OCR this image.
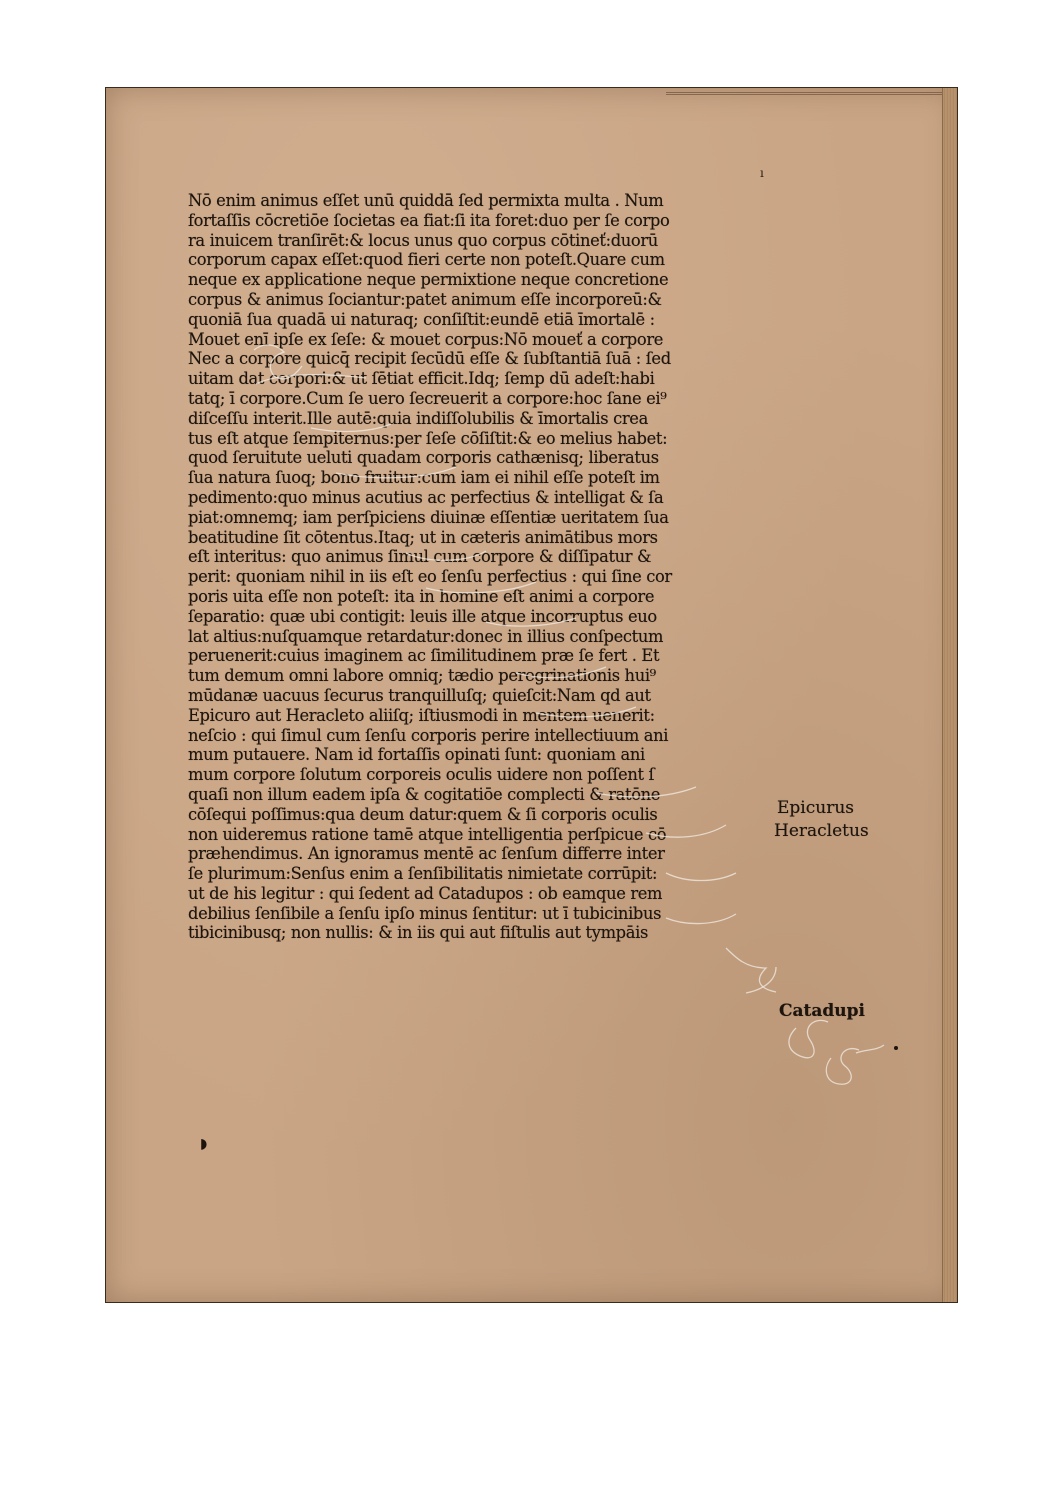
ı
Nō enim animus eſſet unū quiddā ſed permixta multa . Num
fortaſſis cōcretiōe ſocietas ea fiat:ſi ita foret:duo per ſe corpo
ra inuicem tranſirēt:& locus unus quo corpus cōtineť:duorū
corporum capax eſſet:quod fieri certe non poteſt.Quare cum
neque ex applicatione neque permixtione neque concretione
corpus & animus ſociantur:patet animum eſſe incorporeū:&
quoniā ſua quadā ui naturaq; conſiſtit:eundē etiā īmortalē :
Mouet enī ipſe ex ſeſe: & mouet corpus:Nō moueť a corpore
Nec a corpore quicq̄ recipit ſecūdū eſſe & ſubſtantiā ſuā : ſed
uitam dat corpori:& ut ſētiat efficit.Idq; ſemp dū adeſt:habi
tatq; ī corpore.Cum ſe uero ſecreuerit a corpore:hoc ſane ei⁹
diſceſſu interit.Ille autē:quia indiſſolubilis & īmortalis crea
tus eſt atque ſempiternus:per ſeſe cōſiſtit:& eo melius habet:
quod ſeruitute ueluti quadam corporis cathænisq; liberatus
ſua natura ſuoq; bono fruitur:cum iam ei nihil eſſe poteſt im
pedimento:quo minus acutius ac perfectius & intelligat & ſa
piat:omnemq; iam perſpiciens diuinæ eſſentiæ ueritatem ſua
beatitudine ſit cōtentus.Itaq; ut in cæteris animātibus mors
eſt interitus: quo animus ſimul cum corpore & diſſipatur &
perit: quoniam nihil in iis eſt eo ſenſu perfectius : qui ſine cor
poris uita eſſe non poteſt: ita in homine eſt animi a corpore
ſeparatio: quæ ubi contigit: leuis ille atque incorruptus euo
lat altius:nuſquamque retardatur:donec in illius conſpectum
peruenerit:cuius imaginem ac ſimilitudinem præ ſe fert . Et
tum demum omni labore omniq; tædio peregrinationis hui⁹
mūdanæ uacuus ſecurus tranquilluſq; quieſcit:Nam qd aut
Epicuro aut Heracleto aliiſq; iſtiusmodi in mentem uenerit:
neſcio : qui ſimul cum ſenſu corporis perire intellectiuum ani
mum putauere. Nam id fortaſſis opinati ſunt: quoniam ani
mum corpore ſolutum corporeis oculis uidere non poſſent ſ
quaſi non illum eadem ipſa & cogitatiōe complecti & ratōne
cōſequi poſſimus:qua deum datur:quem & ſi corporis oculis
non uideremus ratione tamē atque intelligentia perſpicue cō
præhendimus. An ignoramus mentē ac ſenſum differre inter
ſe plurimum:Senſus enim a ſenſibilitatis nimietate corrūpit:
ut de his legitur : qui ſedent ad Catadupos : ob eamque rem
debilius ſenſibile a ſenſu ipſo minus ſentitur: ut ī tubicinibus
tibicinibusq; non nullis: & in iis qui aut fiſtulis aut tympāis
Epicurus
Heracletus
Catadupi
◗
